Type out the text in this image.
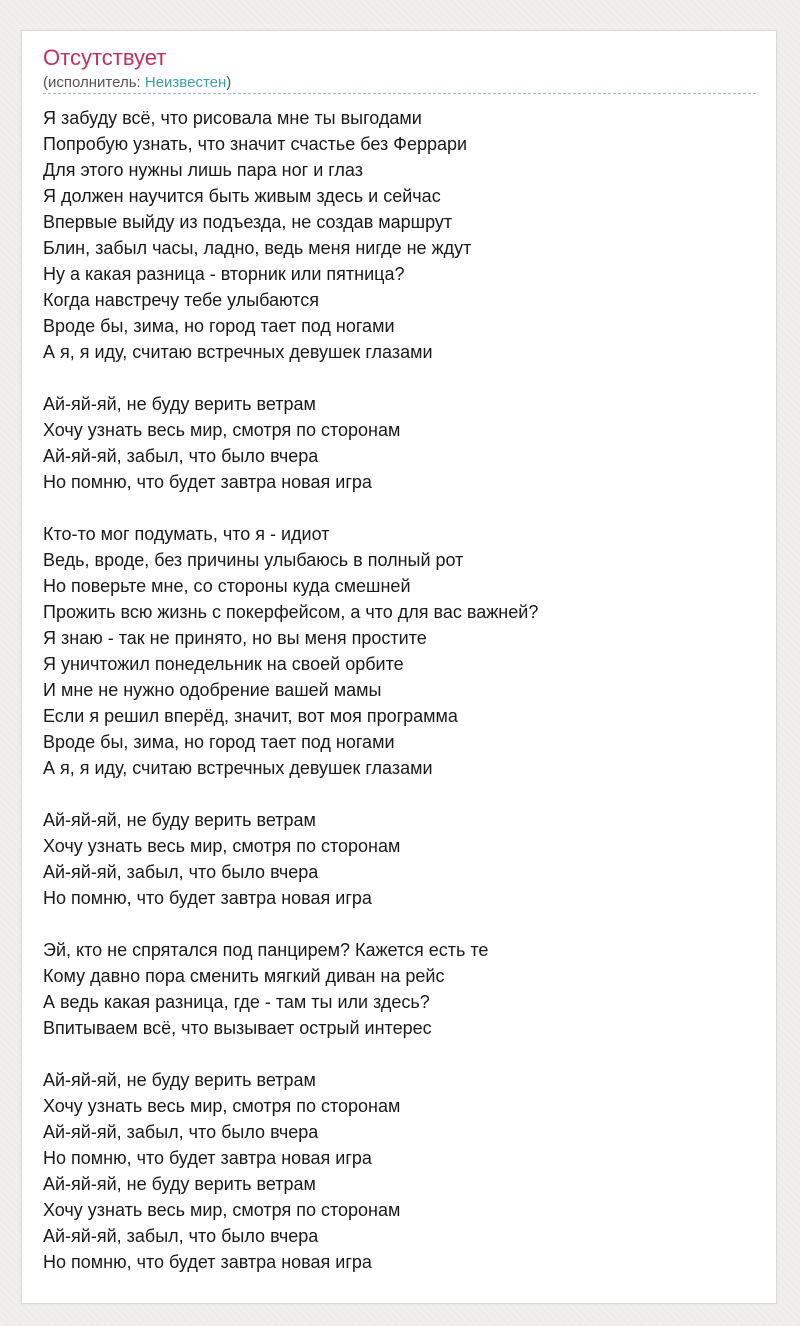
Отсутствует
(исполнитель: Неизвестен)
Я забуду всё, что рисовала мне ты выгодами
Попробую узнать, что значит счастье без Феррари
Для этого нужны лишь пара ног и глаз
Я должен научится быть живым здесь и сейчас
Впервые выйду из подъезда, не создав маршрут
Блин, забыл часы, ладно, ведь меня нигде не ждут
Ну а какая разница - вторник или пятница?
Когда навстречу тебе улыбаются
Вроде бы, зима, но город тает под ногами
А я, я иду, считаю встречных девушек глазами
Ай-яй-яй, не буду верить ветрам
Хочу узнать весь мир, смотря по сторонам
Ай-яй-яй, забыл, что было вчера
Но помню, что будет завтра новая игра
Кто-то мог подумать, что я - идиот
Ведь, вроде, без причины улыбаюсь в полный рот
Но поверьте мне, со стороны куда смешней
Прожить всю жизнь с покерфейсом, а что для вас важней?
Я знаю - так не принято, но вы меня простите
Я уничтожил понедельник на своей орбите
И мне не нужно одобрение вашей мамы
Если я решил вперёд, значит, вот моя программа
Вроде бы, зима, но город тает под ногами
А я, я иду, считаю встречных девушек глазами
Ай-яй-яй, не буду верить ветрам
Хочу узнать весь мир, смотря по сторонам
Ай-яй-яй, забыл, что было вчера
Но помню, что будет завтра новая игра
Эй, кто не спрятался под панцирем? Кажется есть те
Кому давно пора сменить мягкий диван на рейс
А ведь какая разница, где - там ты или здесь?
Впитываем всё, что вызывает острый интерес
Ай-яй-яй, не буду верить ветрам
Хочу узнать весь мир, смотря по сторонам
Ай-яй-яй, забыл, что было вчера
Но помню, что будет завтра новая игра
Ай-яй-яй, не буду верить ветрам
Хочу узнать весь мир, смотря по сторонам
Ай-яй-яй, забыл, что было вчера
Но помню, что будет завтра новая игра
